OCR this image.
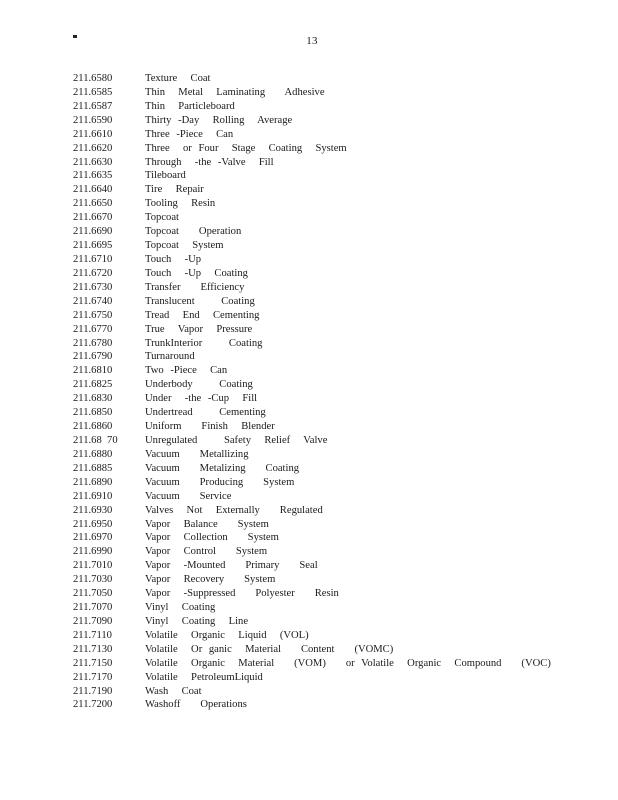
13
211.6580	Texture  Coat
211.6585	Thin  Metal  Laminating   Adhesive
211.6587	Thin  Particleboard
211.6590	Thirty -Day  Rolling  Average
211.6610	Three -Piece  Can
211.6620	Three  or Four  Stage  Coating  System
211.6630	Through  -the -Valve  Fill
211.6635	Tileboard
211.6640	Tire  Repair
211.6650	Tooling  Resin
211.6670	Topcoat
211.6690	Topcoat   Operation
211.6695	Topcoat  System
211.6710	Touch  -Up
211.6720	Touch  -Up  Coating
211.6730	Transfer   Efficiency
211.6740	Translucent    Coating
211.6750	Tread  End  Cementing
211.6770	True  Vapor  Pressure
211.6780	TrunkInterior    Coating
211.6790	Turnaround
211.6810	Two -Piece  Can
211.6825	Underbody    Coating
211.6830	Under  -the -Cup  Fill
211.6850	Undertread    Cementing
211.6860	Uniform   Finish  Blender
211.68  70	Unregulated    Safety  Relief  Valve
211.6880	Vacuum   Metallizing
211.6885	Vacuum   Metalizing   Coating
211.6890	Vacuum   Producing   System
211.6910	Vacuum   Service
211.6930	Valves  Not  Externally   Regulated
211.6950	Vapor  Balance   System
211.6970	Vapor  Collection   System
211.6990	Vapor  Control   System
211.7010	Vapor  -Mounted   Primary   Seal
211.7030	Vapor  Recovery   System
211.7050	Vapor  -Suppressed   Polyester   Resin
211.7070	Vinyl  Coating
211.7090	Vinyl  Coating  Line
211.7110	Volatile  Organic  Liquid  (VOL)
211.7130	Volatile  Or ganic  Material   Content   (VOMC)
211.7150	Volatile  Organic  Material   (VOM)   or Volatile  Organic  Compound   (VOC)
211.7170	Volatile  PetroleumLiquid
211.7190	Wash  Coat
211.7200	Washoff   Operations
